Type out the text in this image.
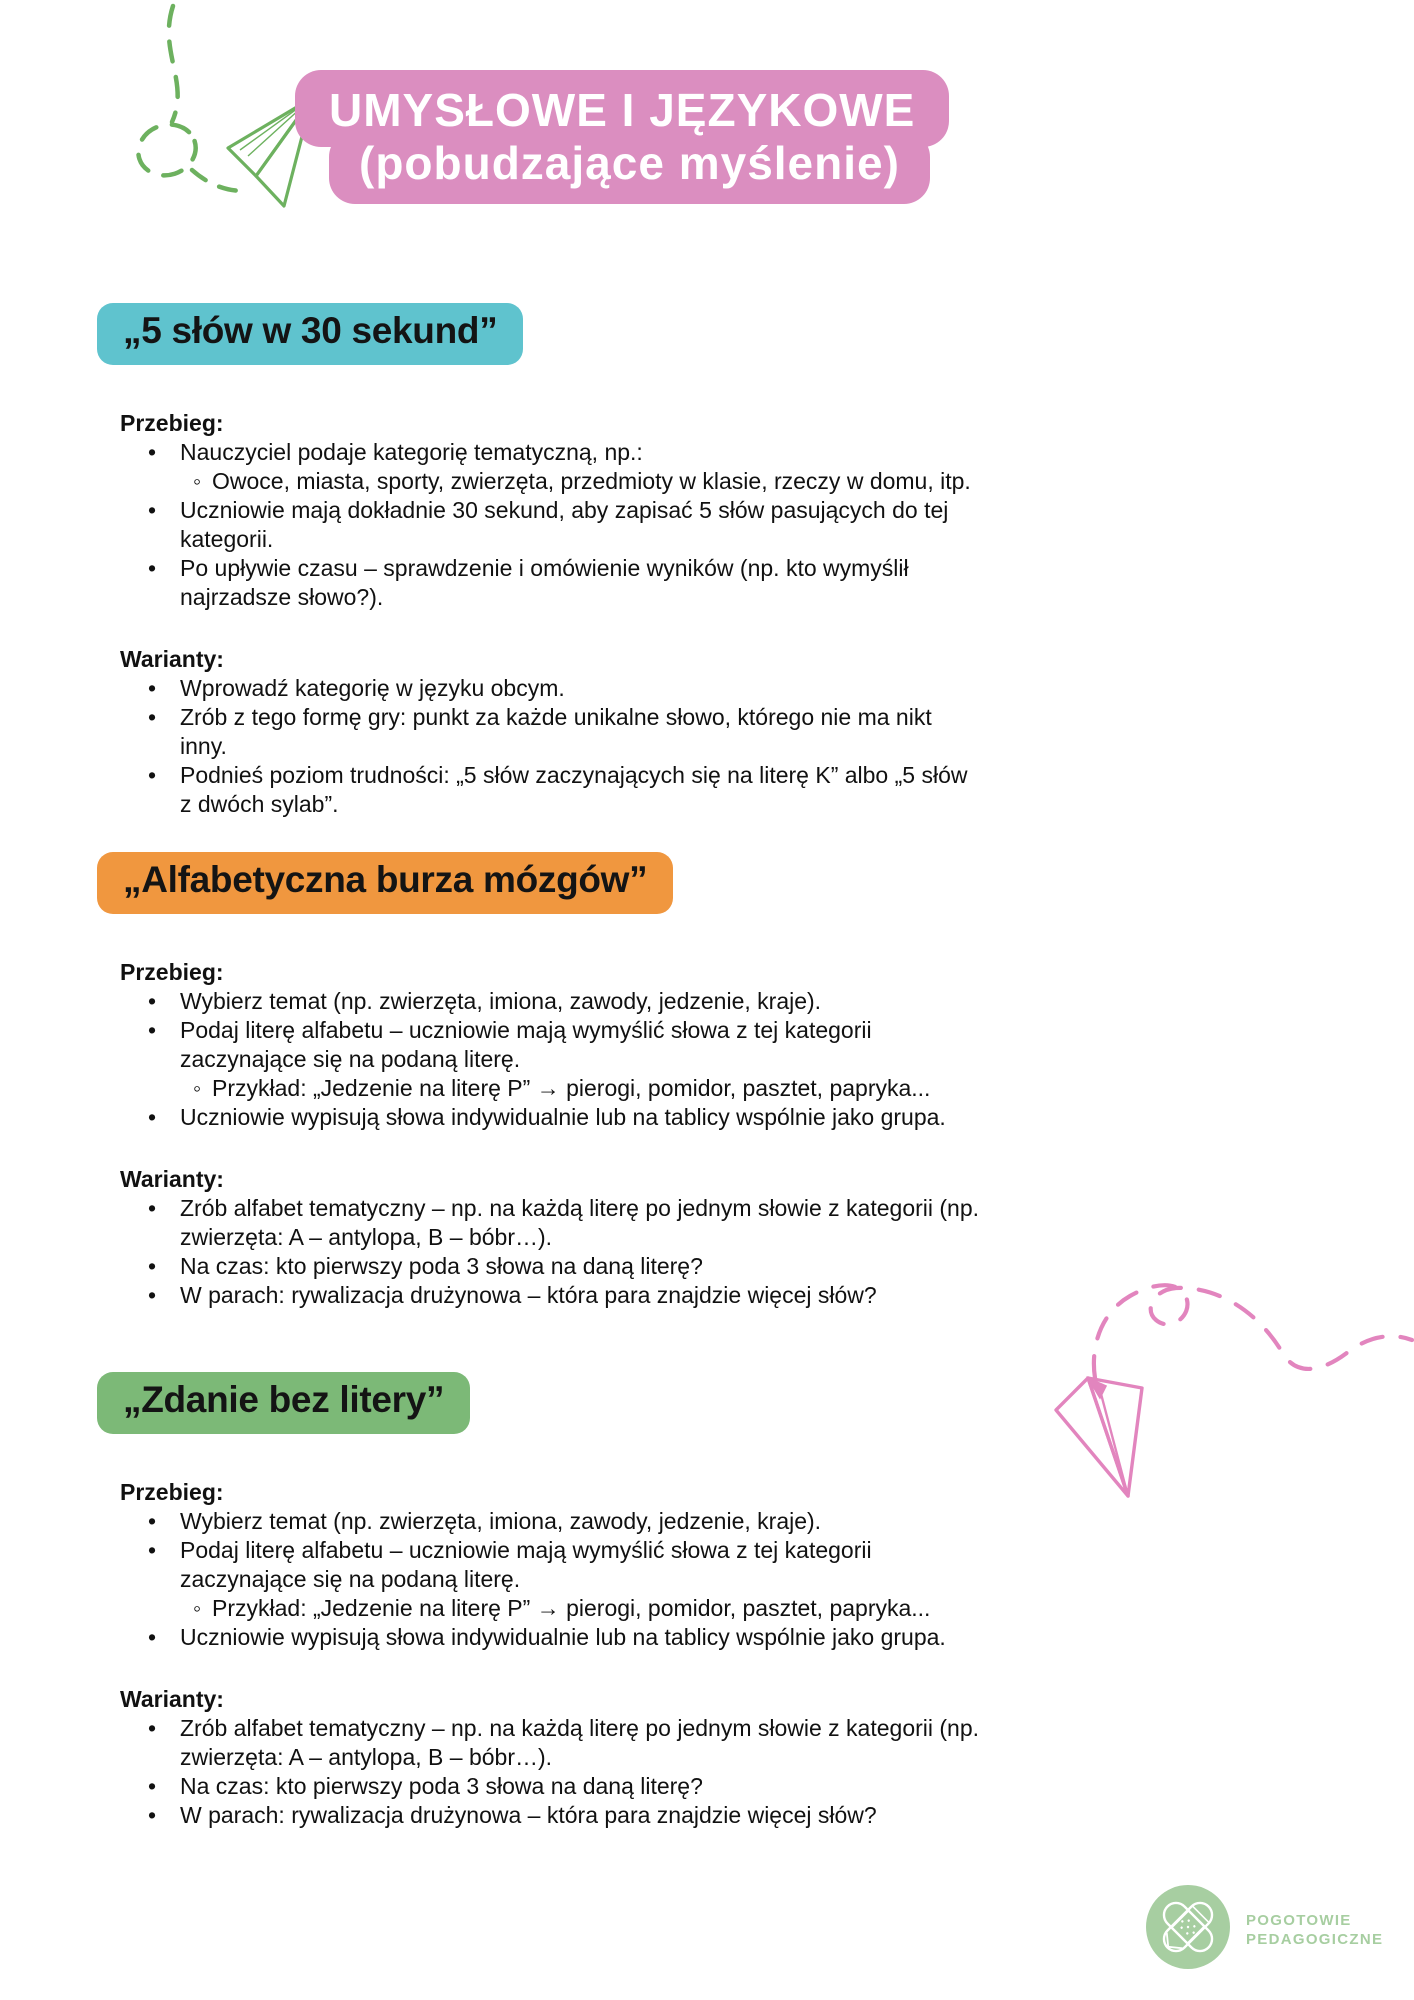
UMYSŁOWE I JĘZYKOWE
(pobudzające myślenie)
„5 słów w 30 sekund”
Przebieg:
• Nauczyciel podaje kategorię tematyczną, np.:
◦ Owoce, miasta, sporty, zwierzęta, przedmioty w klasie, rzeczy w domu, itp.
• Uczniowie mają dokładnie 30 sekund, aby zapisać 5 słów pasujących do tej kategorii.
• Po upływie czasu – sprawdzenie i omówienie wyników (np. kto wymyślił najrzadsze słowo?).
Warianty:
• Wprowadź kategorię w języku obcym.
• Zrób z tego formę gry: punkt za każde unikalne słowo, którego nie ma nikt inny.
• Podnieś poziom trudności: „5 słów zaczynających się na literę K” albo „5 słów z dwóch sylab”.
„Alfabetyczna burza mózgów”
Przebieg:
• Wybierz temat (np. zwierzęta, imiona, zawody, jedzenie, kraje).
• Podaj literę alfabetu – uczniowie mają wymyślić słowa z tej kategorii zaczynające się na podaną literę.
◦ Przykład: „Jedzenie na literę P” → pierogi, pomidor, pasztet, papryka...
• Uczniowie wypisują słowa indywidualnie lub na tablicy wspólnie jako grupa.
Warianty:
• Zrób alfabet tematyczny – np. na każdą literę po jednym słowie z kategorii (np. zwierzęta: A – antylopa, B – bóbr…).
• Na czas: kto pierwszy poda 3 słowa na daną literę?
• W parach: rywalizacja drużynowa – która para znajdzie więcej słów?
„Zdanie bez litery”
Przebieg:
• Wybierz temat (np. zwierzęta, imiona, zawody, jedzenie, kraje).
• Podaj literę alfabetu – uczniowie mają wymyślić słowa z tej kategorii zaczynające się na podaną literę.
◦ Przykład: „Jedzenie na literę P” → pierogi, pomidor, pasztet, papryka...
• Uczniowie wypisują słowa indywidualnie lub na tablicy wspólnie jako grupa.
Warianty:
• Zrób alfabet tematyczny – np. na każdą literę po jednym słowie z kategorii (np. zwierzęta: A – antylopa, B – bóbr…).
• Na czas: kto pierwszy poda 3 słowa na daną literę?
• W parach: rywalizacja drużynowa – która para znajdzie więcej słów?
POGOTOWIE
PEDAGOGICZNE
